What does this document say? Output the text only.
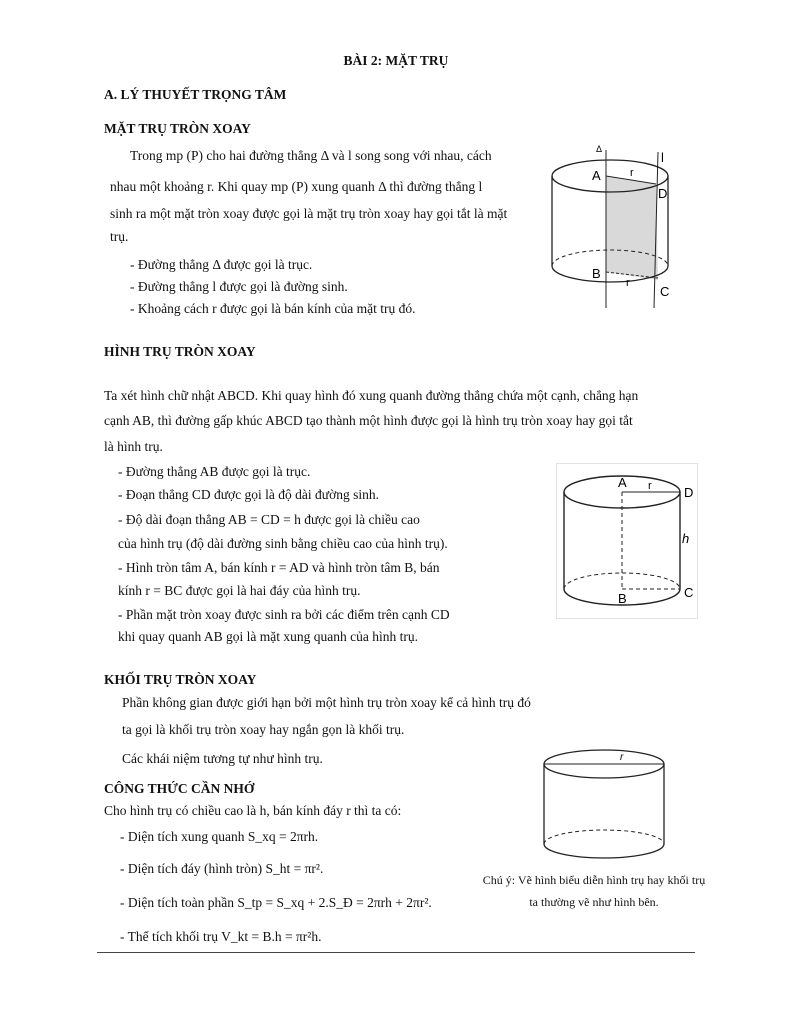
BÀI 2: MẶT TRỤ
A. LÝ THUYẾT TRỌNG TÂM
MẶT TRỤ TRÒN XOAY
Trong mp (P) cho hai đường thẳng Δ và l song song với nhau, cách
nhau một khoảng r. Khi quay mp (P) xung quanh Δ thì đường thẳng l
sinh ra một mặt tròn xoay được gọi là mặt trụ tròn xoay hay gọi tắt là mặt
trụ.
- Đường thẳng Δ được gọi là trục.
- Đường thẳng l được gọi là đường sinh.
- Khoảng cách r được gọi là bán kính của mặt trụ đó.
Δ
l
A	r
D
B
r
C
HÌNH TRỤ TRÒN XOAY
Ta xét hình chữ nhật ABCD. Khi quay hình đó xung quanh đường thẳng chứa một cạnh, chẳng hạn
cạnh AB, thì đường gấp khúc ABCD tạo thành một hình được gọi là hình trụ tròn xoay hay gọi tắt
là hình trụ.
- Đường thẳng AB được gọi là trục.
- Đoạn thẳng CD được gọi là độ dài đường sinh.
- Độ dài đoạn thẳng AB = CD = h được gọi là chiều cao
của hình trụ (độ dài đường sinh bằng chiều cao của hình trụ).
- Hình tròn tâm A, bán kính r = AD và hình tròn tâm B, bán
kính r = BC được gọi là hai đáy của hình trụ.
- Phần mặt tròn xoay được sinh ra bởi các điểm trên cạnh CD
khi quay quanh AB gọi là mặt xung quanh của hình trụ.
A r D
h
B	C
KHỐI TRỤ TRÒN XOAY
Phần không gian được giới hạn bởi một hình trụ tròn xoay kể cả hình trụ đó
ta gọi là khối trụ tròn xoay hay ngắn gọn là khối trụ.
Các khái niệm tương tự như hình trụ.	r
CÔNG THỨC CẦN NHỚ
Cho hình trụ có chiều cao là h, bán kính đáy r thì ta có:
- Diện tích xung quanh S_xq = 2πrh.
- Diện tích đáy (hình tròn) S_ht = πr².
- Diện tích toàn phần S_tp = S_xq + 2.S_Đ = 2πrh + 2πr².
- Thể tích khối trụ V_kt = B.h = πr²h.
Chú ý: Vẽ hình biểu diễn hình trụ hay khối trụ
ta thường vẽ như hình bên.
